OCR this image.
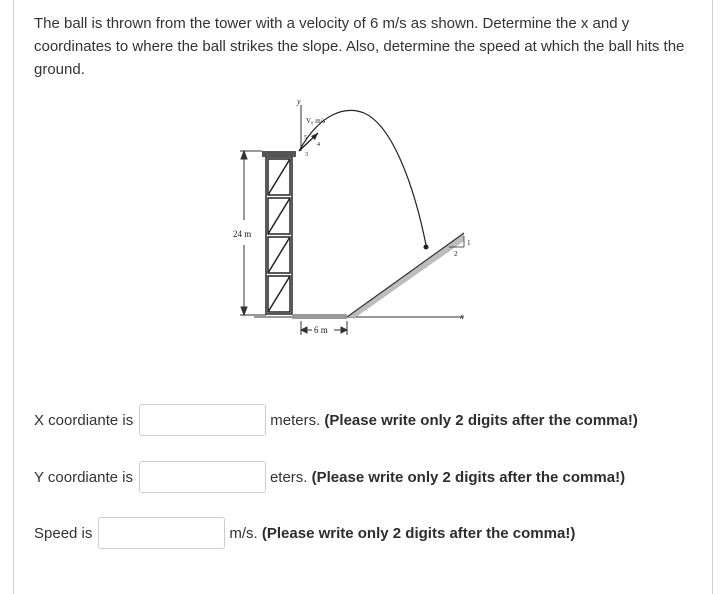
The ball is thrown from the tower with a velocity of 6 m/s as shown. Determine the x and y coordinates to where the ball strikes the slope. Also, determine the speed at which the ball hits the ground.

24 m
1
2
6 m
y
x
5
4
3
V₀ m/s
X coordiante is	meters. (Please write only 2 digits after the comma!)
Y coordiante is	eters. (Please write only 2 digits after the comma!)
Speed is	m/s. (Please write only 2 digits after the comma!)
